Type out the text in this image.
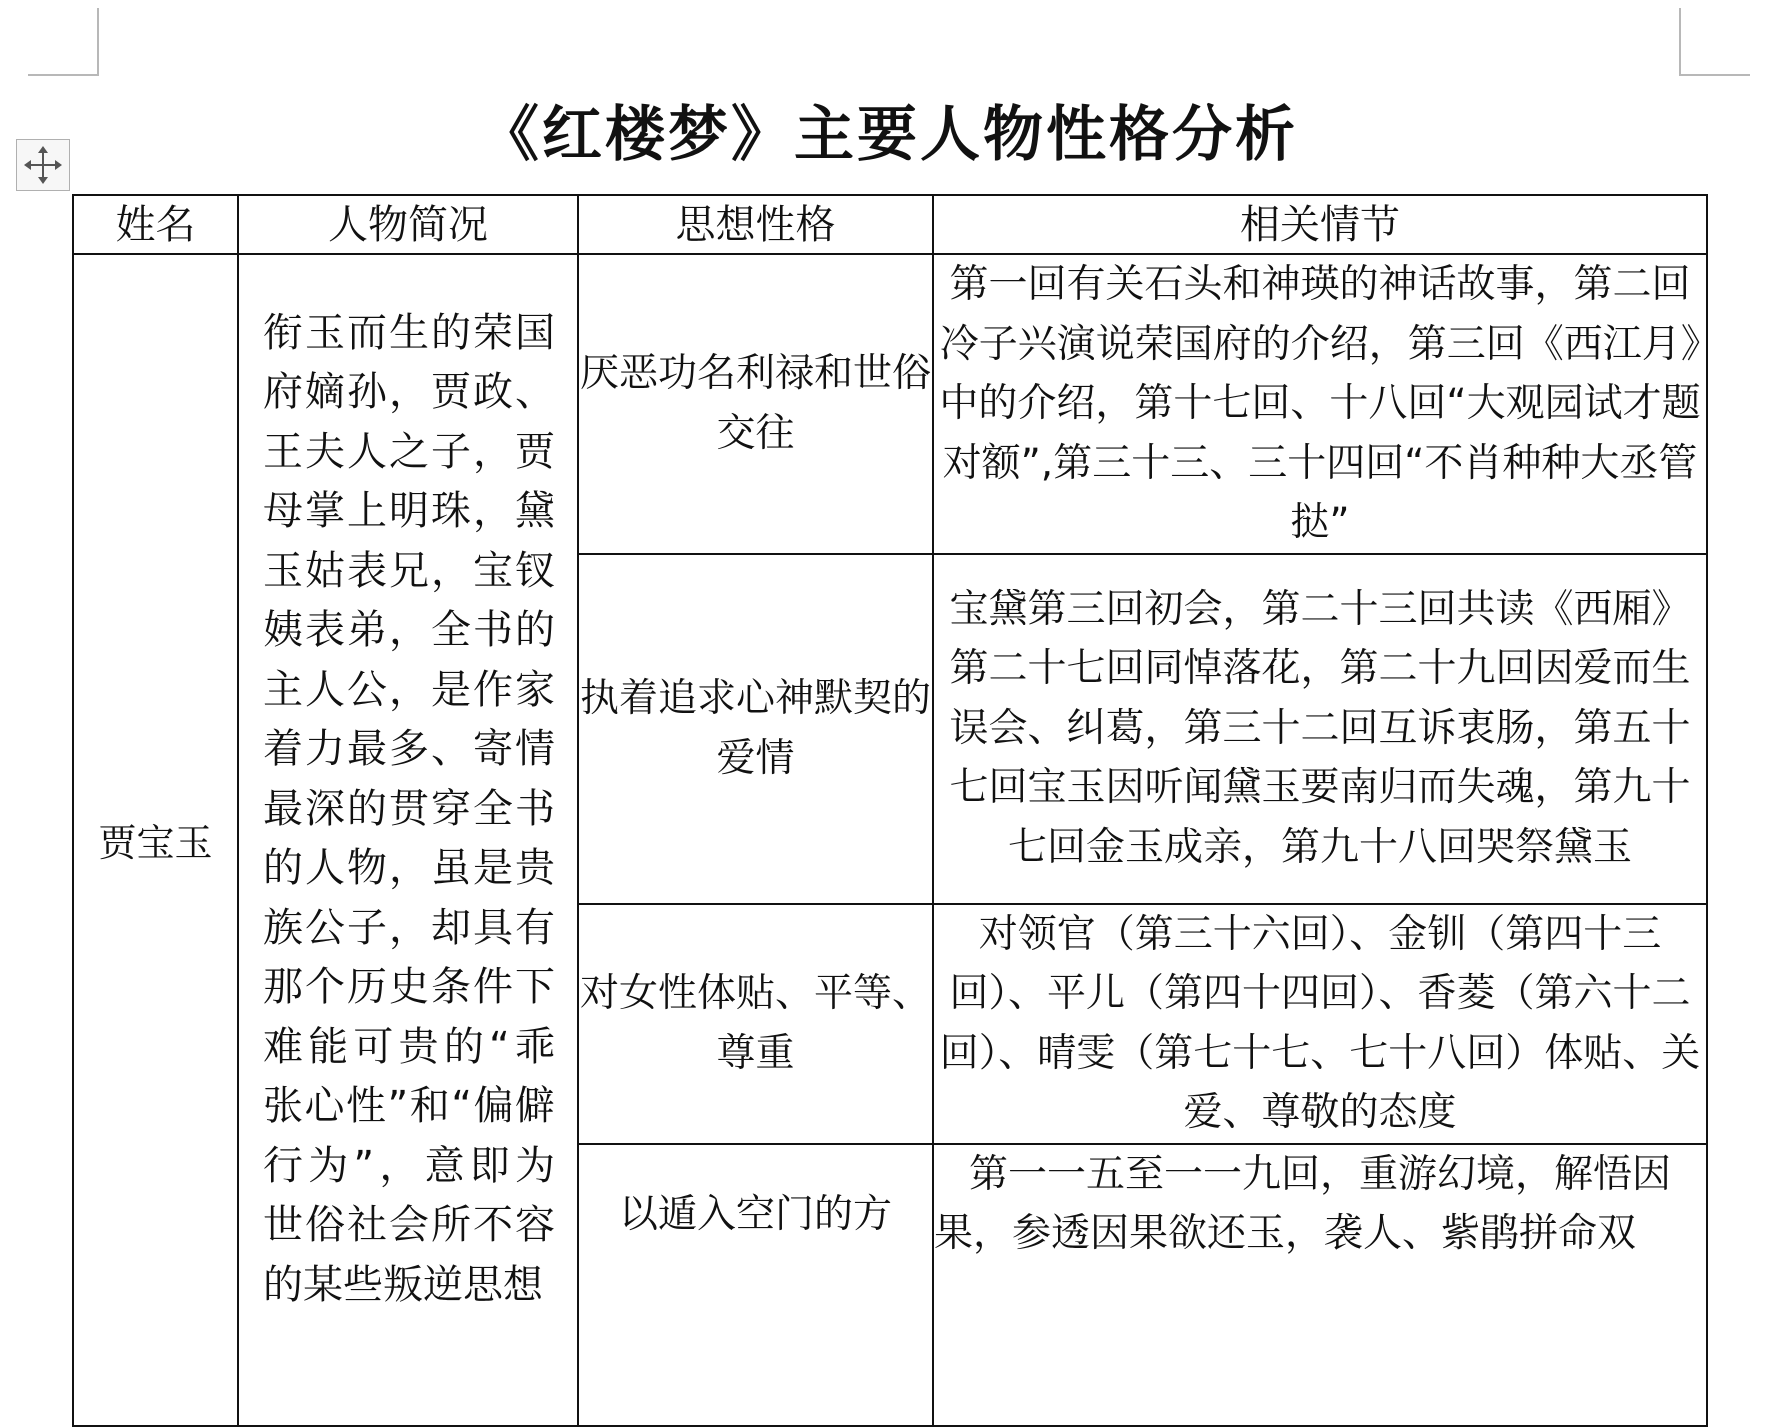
《红楼梦》主要人物性格分析
姓名	人物简况	思想性格	相关情节
贾宝玉	衔玉而生的荣国府嫡孙，贾政、王夫人之子，贾母掌上明珠，黛玉姑表兄，宝钗姨表弟，全书的主人公，是作家着力最多、寄情最深的贯穿全书的人物，虽是贵族公子，却具有那个历史条件下难能可贵的“乖张心性”和“偏僻行为”，意即为世俗社会所不容的某些叛逆思想	厌恶功名利禄和世俗交往	第一回有关石头和神瑛的神话故事，第二回冷子兴演说荣国府的介绍，第三回《西江月》中的介绍，第十七回、十八回“大观园试才题对额”,第三十三、三十四回“不肖种种大丞管挞”
		执着追求心神默契的爱情	宝黛第三回初会，第二十三回共读《西厢》第二十七回同悼落花，第二十九回因爱而生误会、纠葛，第三十二回互诉衷肠，第五十七回宝玉因听闻黛玉要南归而失魂，第九十七回金玉成亲，第九十八回哭祭黛玉
		对女性体贴、平等、尊重	对领官（第三十六回）、金钏（第四十三回）、平儿（第四十四回）、香菱（第六十二回）、晴雯（第七十七、七十八回）体贴、关爱、尊敬的态度
		以遁入空门的方	第一一五至一一九回，重游幻境，解悟因果，参透因果欲还玉，袭人、紫鹃拼命双
